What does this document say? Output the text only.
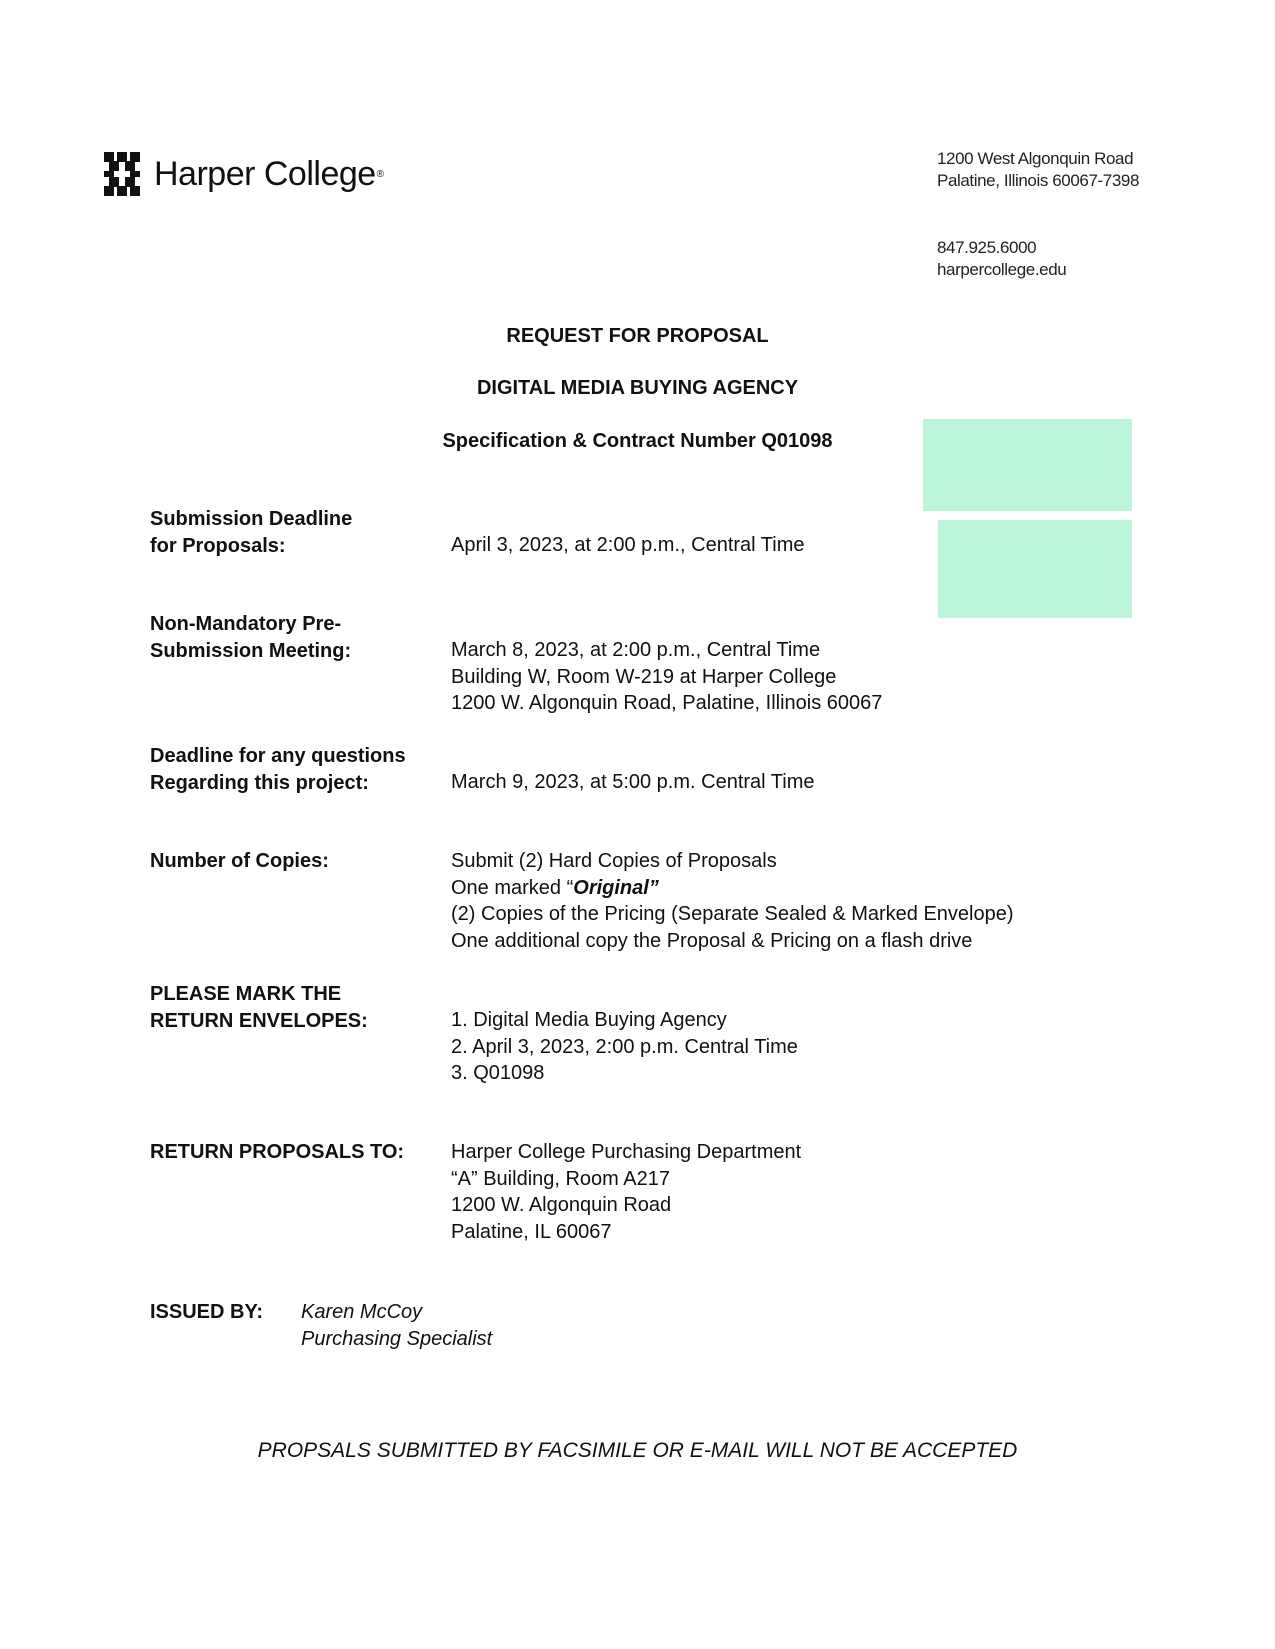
Harper College ®
1200 West Algonquin Road
Palatine, Illinois 60067-7398
847.925.6000
harpercollege.edu
REQUEST FOR PROPOSAL
DIGITAL MEDIA BUYING AGENCY
Specification & Contract Number Q01098
Submission Deadline
for Proposals:	April 3, 2023, at 2:00 p.m., Central Time
Non-Mandatory Pre-
Submission Meeting:	March 8, 2023, at 2:00 p.m., Central Time
Building W, Room W-219 at Harper College
1200 W. Algonquin Road, Palatine, Illinois 60067
Deadline for any questions
Regarding this project:	March 9, 2023, at 5:00 p.m. Central Time
Number of Copies:	Submit (2) Hard Copies of Proposals
One marked “Original”
(2) Copies of the Pricing (Separate Sealed & Marked Envelope)
One additional copy the Proposal & Pricing on a flash drive
PLEASE MARK THE
RETURN ENVELOPES:	1. Digital Media Buying Agency
2. April 3, 2023, 2:00 p.m. Central Time
3. Q01098
RETURN PROPOSALS TO: Harper College Purchasing Department
“A” Building, Room A217
1200 W. Algonquin Road
Palatine, IL 60067
ISSUED BY: Karen McCoy
Purchasing Specialist
PROPSALS SUBMITTED BY FACSIMILE OR E-MAIL WILL NOT BE ACCEPTED
